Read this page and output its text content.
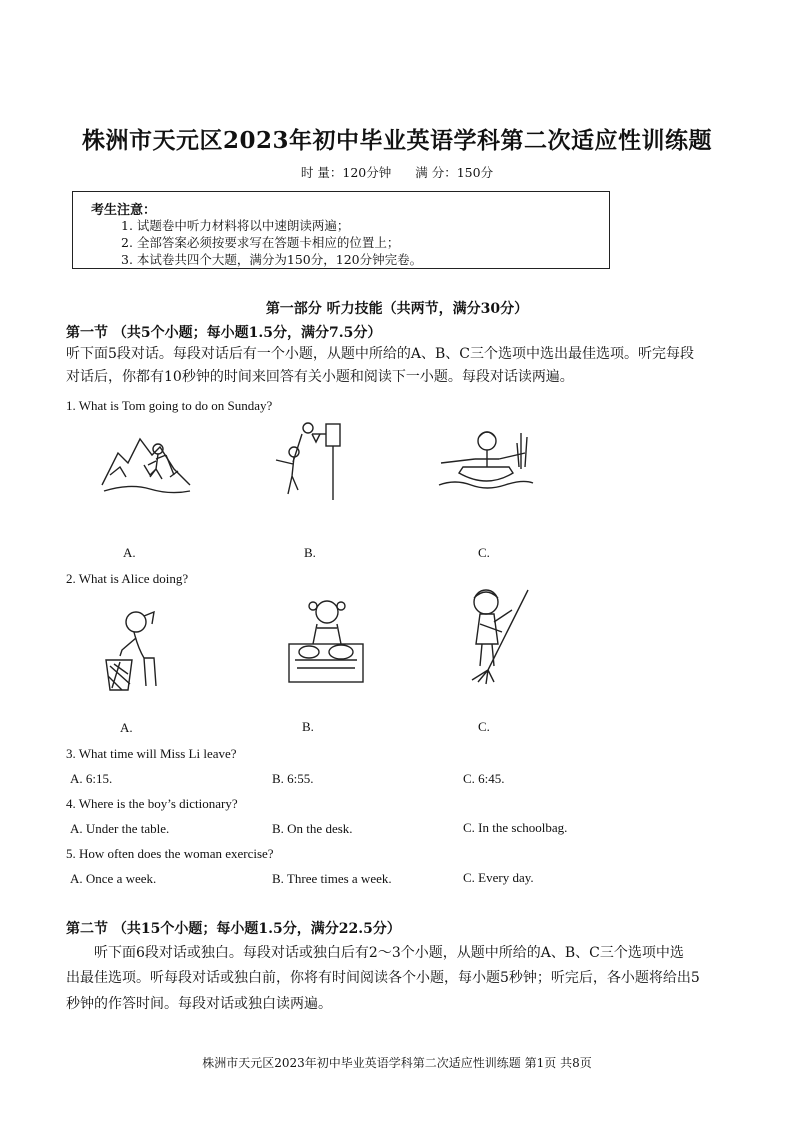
株洲市天元区2023年初中毕业英语学科第二次适应性训练题
时 量：120分钟 满 分：150分
考生注意：
1. 试题卷中听力材料将以中速朗读两遍；
2. 全部答案必须按要求写在答题卡相应的位置上；
3. 本试卷共四个大题，满分为150分，120分钟完卷。
第一部分 听力技能（共两节，满分30分）
第一节 （共5个小题；每小题1.5分，满分7.5分）
听下面5段对话。每段对话后有一个小题，从题中所给的A、B、C三个选项中选出最佳选项。听完每段
对话后，你都有10秒钟的时间来回答有关小题和阅读下一小题。每段对话读两遍。
1. What is Tom going to do on Sunday?
A.	B.	C.
2. What is Alice doing?
A.	B.	C.
3. What time will Miss Li leave?
A. 6:15.	B. 6:55.	C. 6:45.
4. Where is the boy’s dictionary?
A. Under the table.	B. On the desk.	C. In the schoolbag.
5. How often does the woman exercise?
A. Once a week.	B. Three times a week.	C. Every day.
第二节 （共15个小题；每小题1.5分，满分22.5分）
听下面6段对话或独白。每段对话或独白后有2～3个小题，从题中所给的A、B、C三个选项中选
出最佳选项。听每段对话或独白前，你将有时间阅读各个小题，每小题5秒钟；听完后，各小题将给出5
秒钟的作答时间。每段对话或独白读两遍。
株洲市天元区2023年初中毕业英语学科第二次适应性训练题 第1页 共8页
